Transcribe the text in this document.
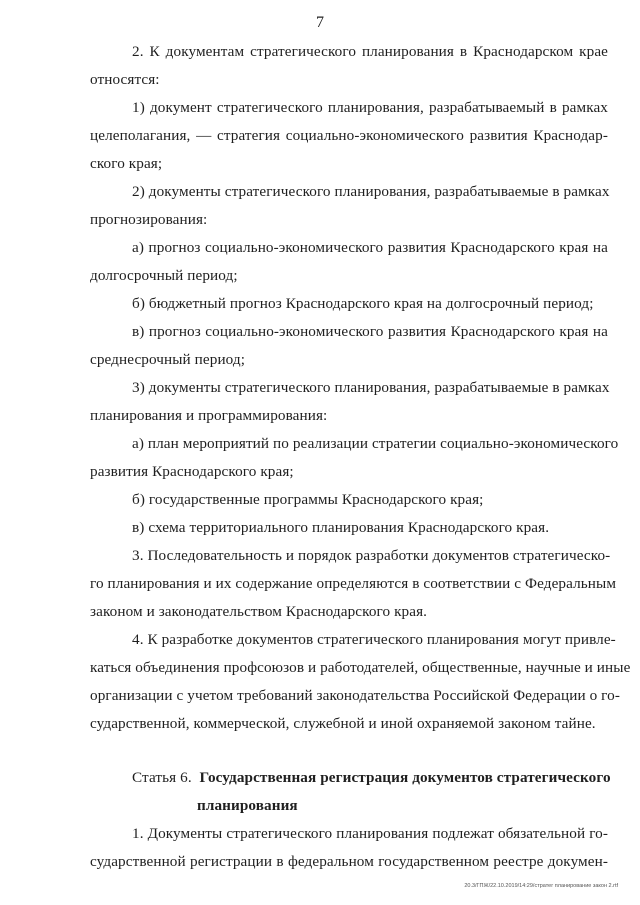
7
2. К документам стратегического планирования в Краснодарском крае
относятся:
1) документ стратегического планирования, разрабатываемый в рамках
целеполагания, — стратегия социально-экономического развития Краснодар-
ского края;
2) документы стратегического планирования, разрабатываемые в рамках
прогнозирования:
а) прогноз социально-экономического развития Краснодарского края на
долгосрочный период;
б) бюджетный прогноз Краснодарского края на долгосрочный период;
в) прогноз социально-экономического развития Краснодарского края на
среднесрочный период;
3) документы стратегического планирования, разрабатываемые в рамках
планирования и программирования:
а) план мероприятий по реализации стратегии социально-экономического
развития Краснодарского края;
б) государственные программы Краснодарского края;
в) схема территориального планирования Краснодарского края.
3. Последовательность и порядок разработки документов стратегическо-
го планирования и их содержание определяются в соответствии с Федеральным
законом и законодательством Краснодарского края.
4. К разработке документов стратегического планирования могут привле-
каться объединения профсоюзов и работодателей, общественные, научные и иные
организации с учетом требований законодательства Российской Федерации о го-
сударственной, коммерческой, служебной и иной охраняемой законом тайне.
Статья 6. Государственная регистрация документов стратегического
планирования
1. Документы стратегического планирования подлежат обязательной го-
сударственной регистрации в федеральном государственном реестре докумен-
20.3/ГПЖ/22.10.2019/14:29/стратег планирование закон 2.rtf
